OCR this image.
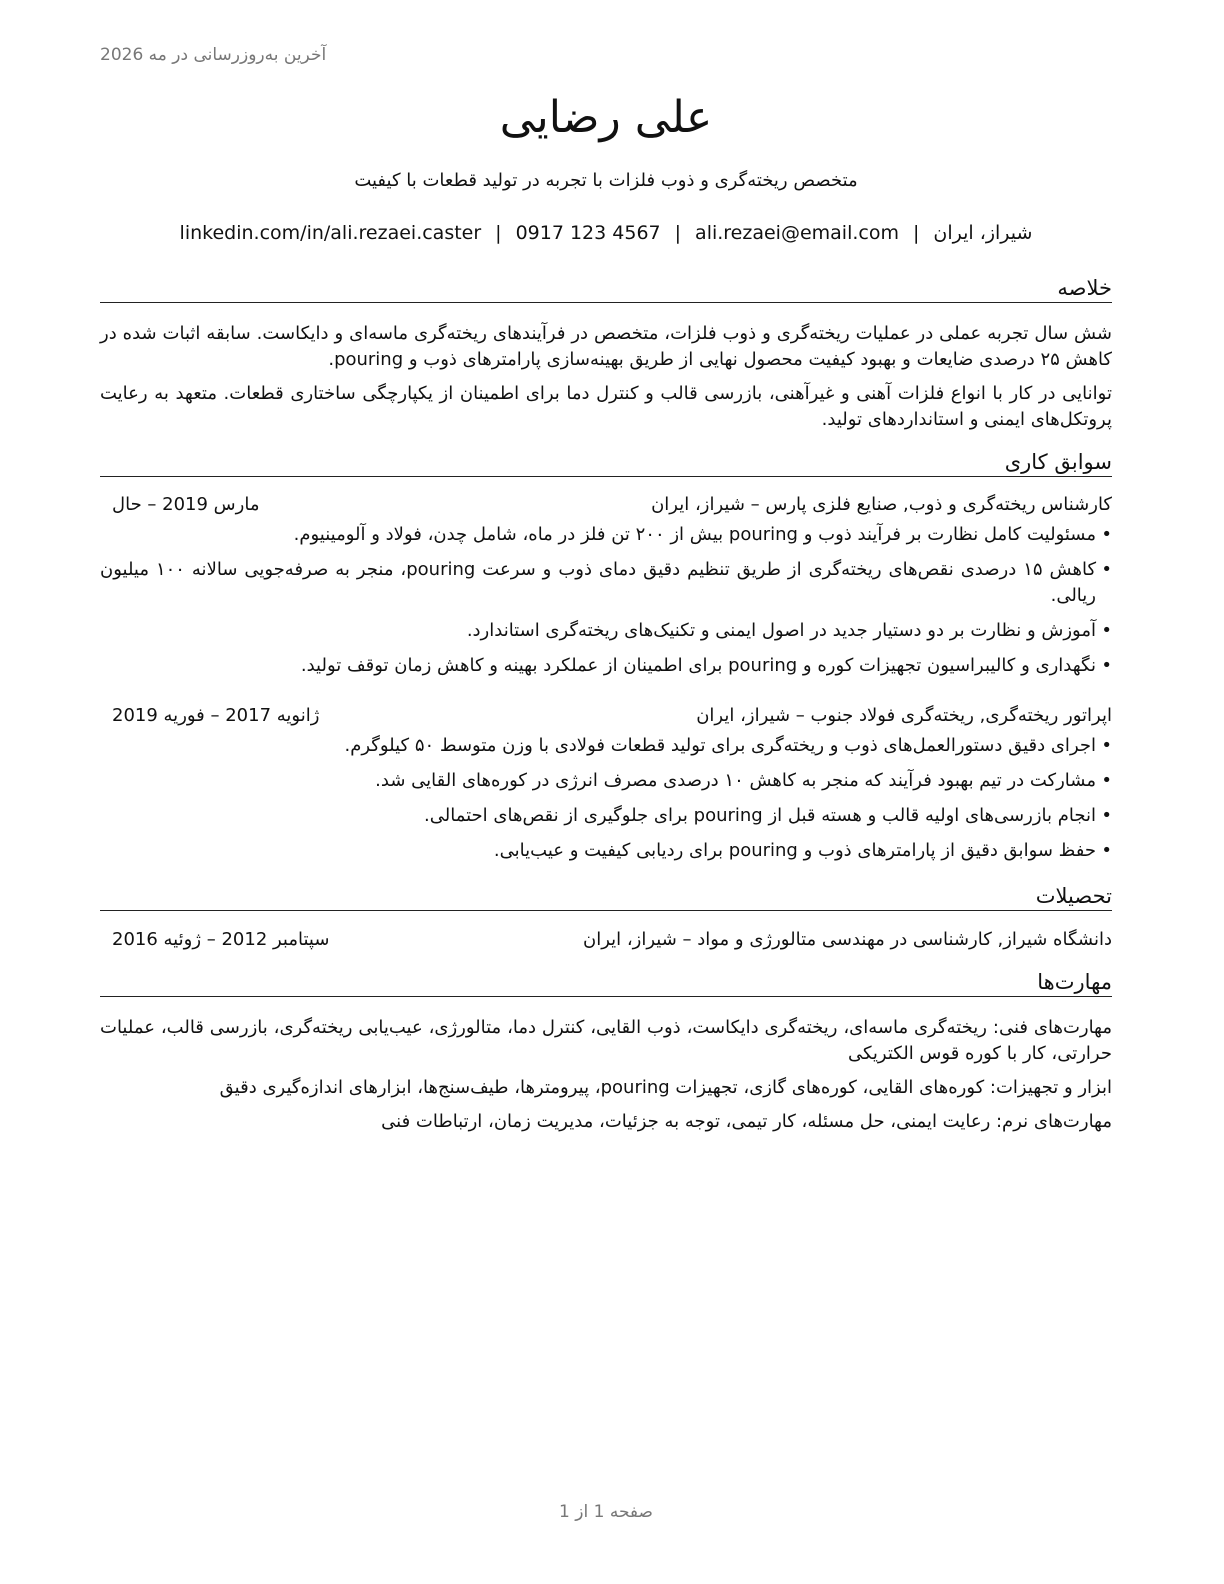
آخرین به‌روزرسانی در مه 2026
علی رضایی
متخصص ریخته‌گری و ذوب فلزات با تجربه در تولید قطعات با کیفیت
شیراز، ایران|ali.rezaei@email.com|0917 123 4567|linkedin.com/in/ali.rezaei.caster
خلاصه
شش سال تجربه عملی در عملیات ریخته‌گری و ذوب فلزات، متخصص در فرآیندهای ریخته‌گری ماسه‌ای و دایکاست. سابقه اثبات شده در کاهش ۲۵ درصدی ضایعات و بهبود کیفیت محصول نهایی از طریق بهینه‌سازی پارامترهای ذوب و pouring.
توانایی در کار با انواع فلزات آهنی و غیرآهنی، بازرسی قالب و کنترل دما برای اطمینان از یکپارچگی ساختاری قطعات. متعهد به رعایت پروتکل‌های ایمنی و استانداردهای تولید.
سوابق کاری
کارشناس ریخته‌گری و ذوب, صنایع فلزی پارس – شیراز، ایران
مارس 2019 – حال
• مسئولیت کامل نظارت بر فرآیند ذوب و pouring بیش از ۲۰۰ تن فلز در ماه، شامل چدن، فولاد و آلومینیوم.
• کاهش ۱۵ درصدی نقص‌های ریخته‌گری از طریق تنظیم دقیق دمای ذوب و سرعت pouring، منجر به صرفه‌جویی سالانه ۱۰۰ میلیون ریالی.
• آموزش و نظارت بر دو دستیار جدید در اصول ایمنی و تکنیک‌های ریخته‌گری استاندارد.
• نگهداری و کالیبراسیون تجهیزات کوره و pouring برای اطمینان از عملکرد بهینه و کاهش زمان توقف تولید.
اپراتور ریخته‌گری, ریخته‌گری فولاد جنوب – شیراز، ایران
ژانویه 2017 – فوریه 2019
• اجرای دقیق دستورالعمل‌های ذوب و ریخته‌گری برای تولید قطعات فولادی با وزن متوسط ۵۰ کیلوگرم.
• مشارکت در تیم بهبود فرآیند که منجر به کاهش ۱۰ درصدی مصرف انرژی در کوره‌های القایی شد.
• انجام بازرسی‌های اولیه قالب و هسته قبل از pouring برای جلوگیری از نقص‌های احتمالی.
• حفظ سوابق دقیق از پارامترهای ذوب و pouring برای ردیابی کیفیت و عیب‌یابی.
تحصیلات
دانشگاه شیراز, کارشناسی در مهندسی متالورژی و مواد – شیراز، ایران
سپتامبر 2012 – ژوئیه 2016
مهارت‌ها
مهارت‌های فنی: ریخته‌گری ماسه‌ای، ریخته‌گری دایکاست، ذوب القایی، کنترل دما، متالورژی، عیب‌یابی ریخته‌گری، بازرسی قالب، عملیات حرارتی، کار با کوره قوس الکتریکی
ابزار و تجهیزات: کوره‌های القایی، کوره‌های گازی، تجهیزات pouring، پیرومترها، طیف‌سنج‌ها، ابزارهای اندازه‌گیری دقیق
مهارت‌های نرم: رعایت ایمنی، حل مسئله، کار تیمی، توجه به جزئیات، مدیریت زمان، ارتباطات فنی
صفحه 1 از 1
